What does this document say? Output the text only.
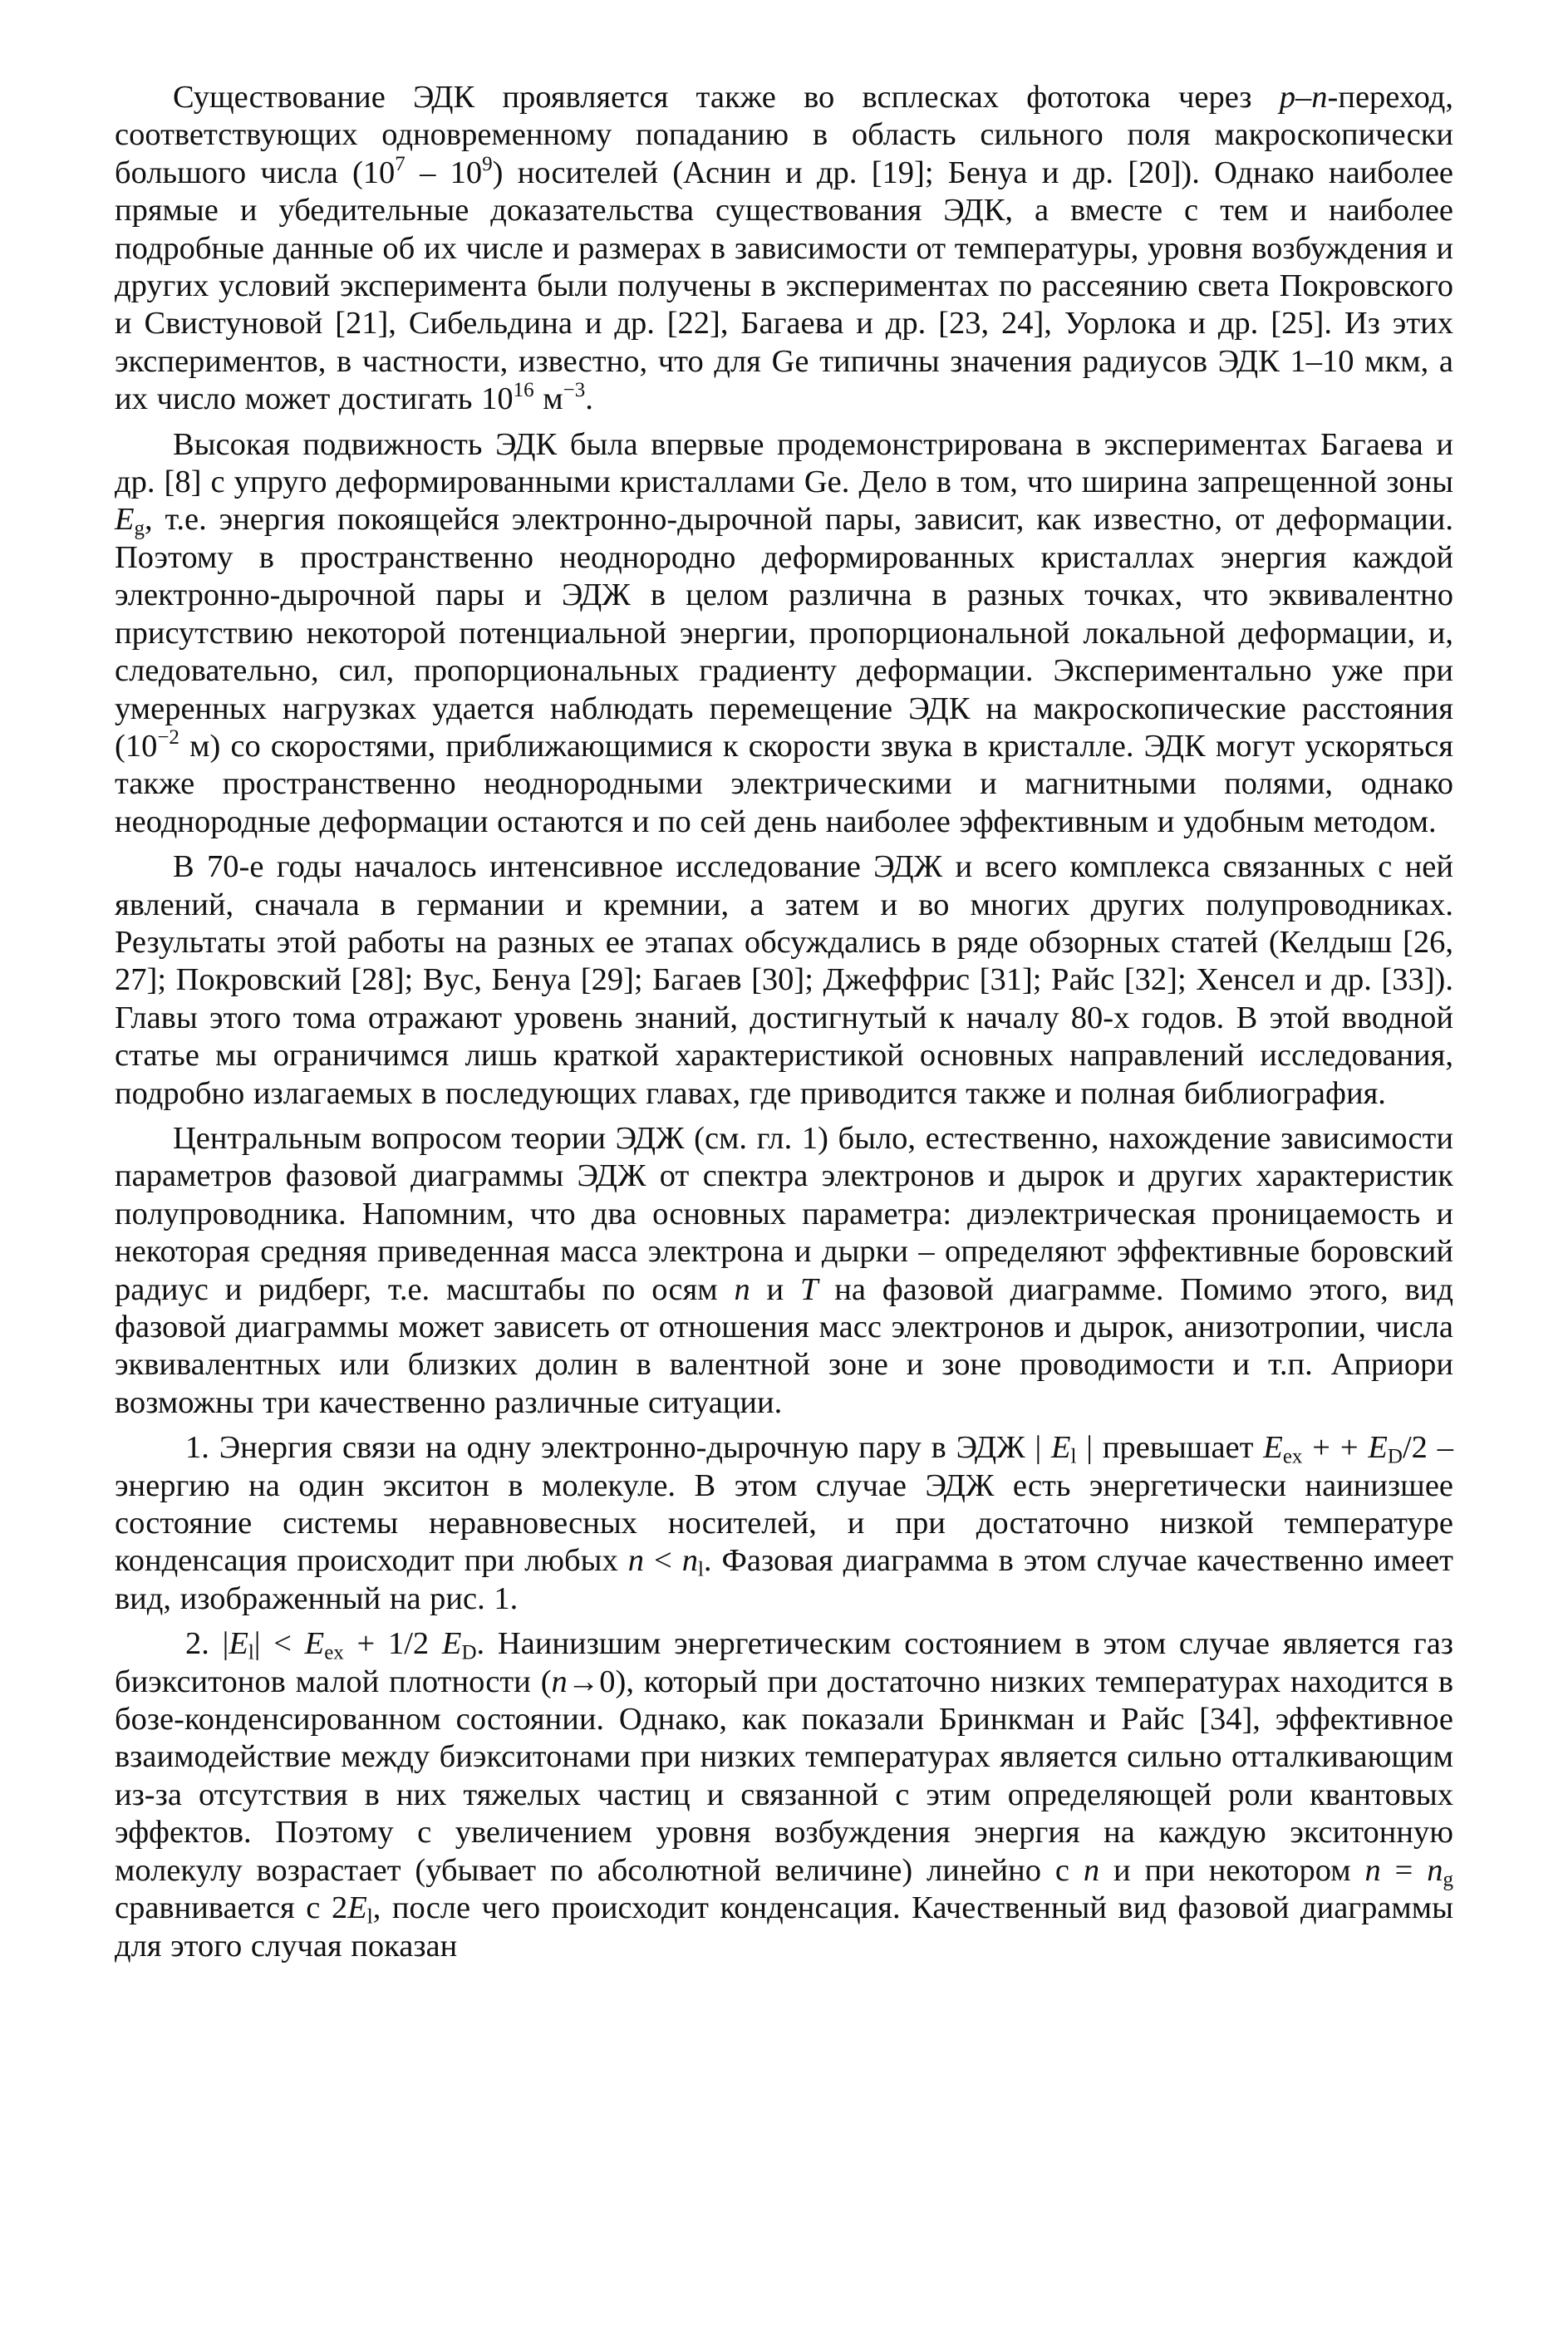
Существование ЭДК проявляется также во всплесках фототока через p–n-переход, соответствующих одновременному попаданию в область сильного поля макроскопически большого числа $(10^7 - 10^9)$ носителей (Аснин и др. [19]; Бенуа и др. [20]). Однако наиболее прямые и убедительные доказательства существования ЭДК, а вместе с тем и наиболее подробные данные об их числе и размерах в зависимости от температуры, уровня возбуждения и других условий эксперимента были получены в экспериментах по рассеянию света Покровского и Свистуновой [21], Сибельдина и др. [22], Багаева и др. [23, 24], Уорлока и др. [25]. Из этих экспериментов, в частности, известно, что для Ge типичны значения радиусов ЭДК 1–10 мкм, а их число может достигать $10^{16}$ $м^{-3}$.

Высокая подвижность ЭДК была впервые продемонстрирована в экспериментах Багаева и др. [8] с упруго деформированными кристаллами Ge. Дело в том, что ширина запрещенной зоны $E_g$, т.е. энергия покоящейся электронно-дырочной пары, зависит, как известно, от деформации. Поэтому в пространственно неоднородно деформированных кристаллах энергия каждой электронно-дырочной пары и ЭДЖ в целом различна в разных точках, что эквивалентно присутствию некоторой потенциальной энергии, пропорциональной локальной деформации, и, следовательно, сил, пропорциональных градиенту деформации. Экспериментально уже при умеренных нагрузках удается наблюдать перемещение ЭДК на макроскопические расстояния ($10^{-2}$ м) со скоростями, приближающимися к скорости звука в кристалле. ЭДК могут ускоряться также пространственно неоднородными электрическими и магнитными полями, однако неоднородные деформации остаются и по сей день наиболее эффективным и удобным методом.

В 70-е годы началось интенсивное исследование ЭДЖ и всего комплекса связанных с ней явлений, сначала в германии и кремнии, а затем и во многих других полупроводниках. Результаты этой работы на разных ее этапах обсуждались в ряде обзорных статей (Келдыш [26, 27]; Покровский [28]; Вус, Бенуа [29]; Багаев [30]; Джеффрис [31]; Райс [32]; Хенсел и др. [33]). Главы этого тома отражают уровень знаний, достигнутый к началу 80-х годов. В этой вводной статье мы ограничимся лишь краткой характеристикой основных направлений исследования, подробно излагаемых в последующих главах, где приводится также и полная библиография.

Центральным вопросом теории ЭДЖ (см. гл. 1) было, естественно, нахождение зависимости параметров фазовой диаграммы ЭДЖ от спектра электронов и дырок и других характеристик полупроводника. Напомним, что два основных параметра: диэлектрическая проницаемость и некоторая средняя приведенная масса электрона и дырки – определяют эффективные боровский радиус и ридберг, т.е. масштабы по осям n и T на фазовой диаграмме. Помимо этого, вид фазовой диаграммы может зависеть от отношения масс электронов и дырок, анизотропии, числа эквивалентных или близких долин в валентной зоне и зоне проводимости и т.п. Априори возможны три качественно различные ситуации.

1. Энергия связи на одну электронно-дырочную пару в ЭДЖ | $E_l$ | превышает $E_{ex}$ + + $E_D/2$ – энергию на один экситон в молекуле. В этом случае ЭДЖ есть энергетически наинизшее состояние системы неравновесных носителей, и при достаточно низкой температуре конденсация происходит при любых $n < n_l$. Фазовая диаграмма в этом случае качественно имеет вид, изображенный на рис. 1.

2. $|E_l| < E_{ex} + 1/2$ $E_D$. Наинизшим энергетическим состоянием в этом случае является газ биэкситонов малой плотности (n→0), который при достаточно низких температурах находится в бозе-конденсированном состоянии. Однако, как показали Бринкман и Райс [34], эффективное взаимодействие между биэкситонами при низких температурах является сильно отталкивающим из-за отсутствия в них тяжелых частиц и связанной с этим определяющей роли квантовых эффектов. Поэтому с увеличением уровня возбуждения энергия на каждую экситонную молекулу возрастает (убывает по абсолютной величине) линейно с n и при некотором $n = n_g$ сравнивается с $2E_l$, после чего происходит конденсация. Качественный вид фазовой диаграммы для этого случая показан
